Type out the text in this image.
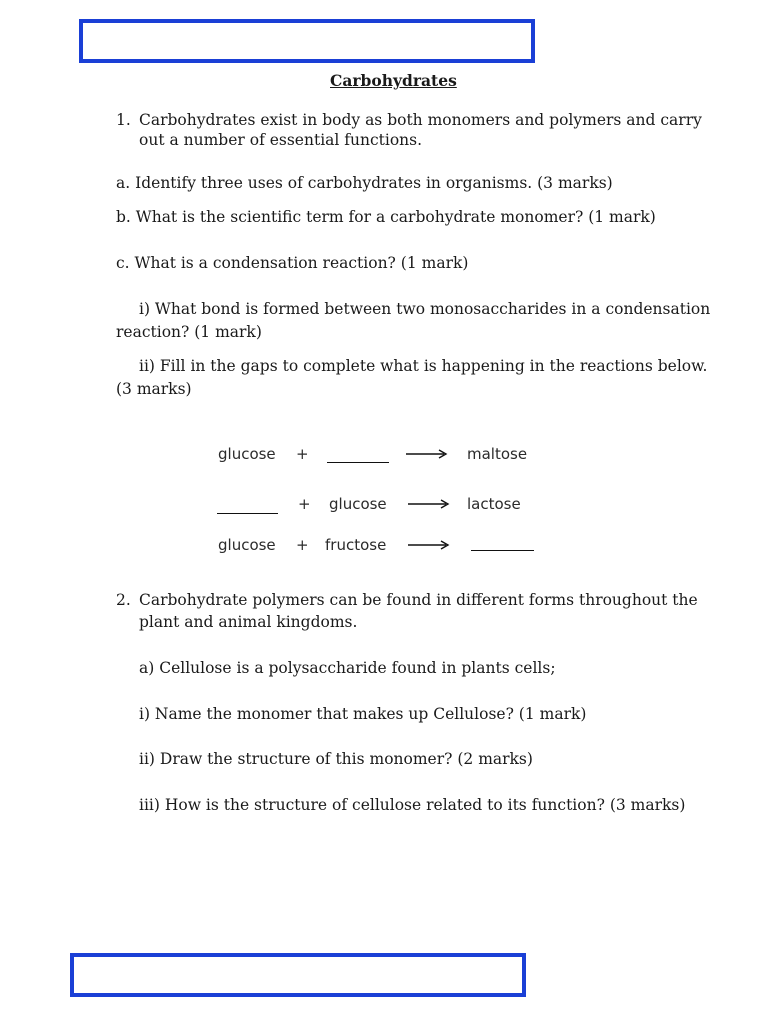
Carbohydrates
1. Carbohydrates exist in body as both monomers and polymers and carry
out a number of essential functions.
a. Identify three uses of carbohydrates in organisms. (3 marks)
b. What is the scientific term for a carbohydrate monomer? (1 mark)
c. What is a condensation reaction? (1 mark)
i) What bond is formed between two monosaccharides in a condensation
reaction? (1 mark)
ii) Fill in the gaps to complete what is happening in the reactions below.
(3 marks)
glucose +	→ maltose
+ glucose → lactose
glucose + fructose →
2. Carbohydrate polymers can be found in different forms throughout the
plant and animal kingdoms.
a) Cellulose is a polysaccharide found in plants cells;
i) Name the monomer that makes up Cellulose? (1 mark)
ii) Draw the structure of this monomer? (2 marks)
iii) How is the structure of cellulose related to its function? (3 marks)
